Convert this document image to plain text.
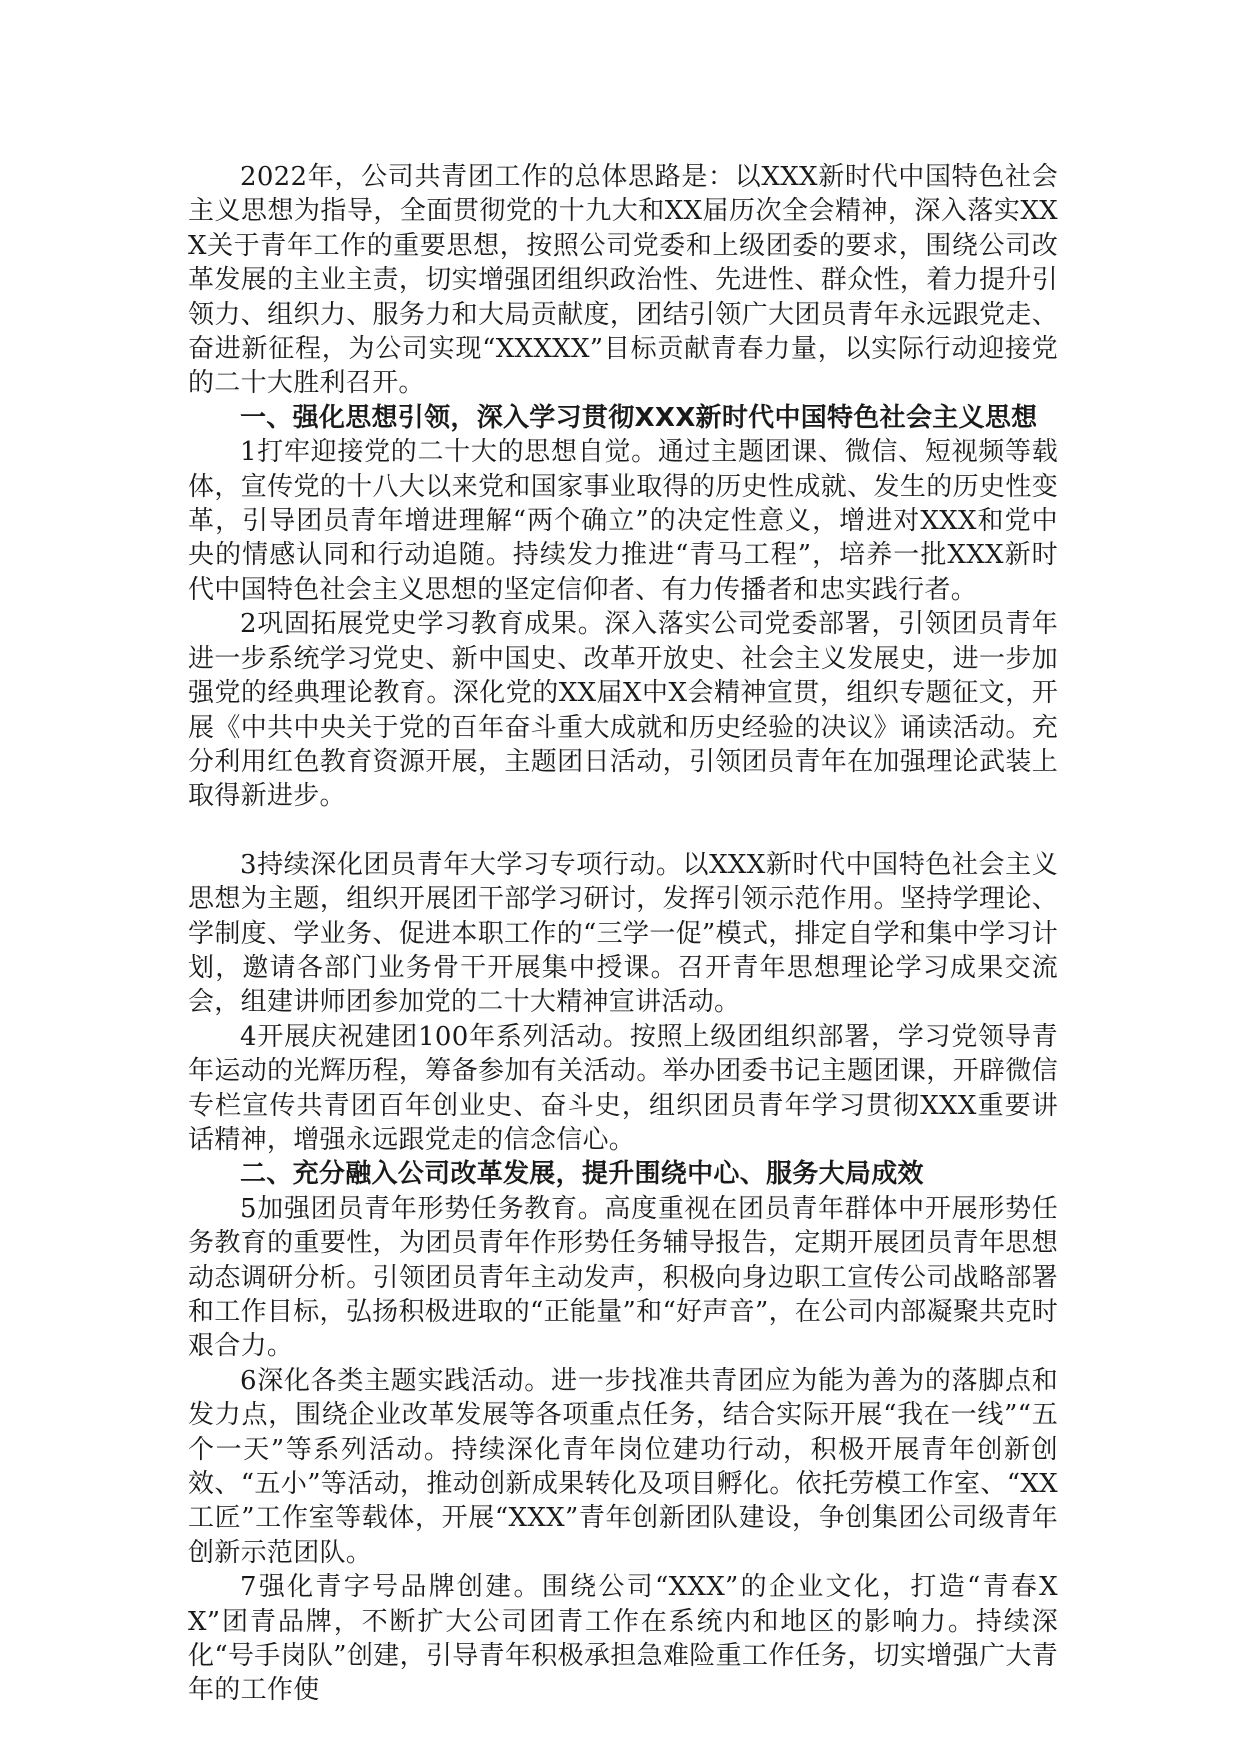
2022年，公司共青团工作的总体思路是：以XXX新时代中国特色社会主义思想为指导，全面贯彻党的十九大和XX届历次全会精神，深入落实XXX关于青年工作的重要思想，按照公司党委和上级团委的要求，围绕公司改革发展的主业主责，切实增强团组织政治性、先进性、群众性，着力提升引领力、组织力、服务力和大局贡献度，团结引领广大团员青年永远跟党走、奋进新征程，为公司实现“XXXXX”目标贡献青春力量，以实际行动迎接党的二十大胜利召开。

一、强化思想引领，深入学习贯彻XXX新时代中国特色社会主义思想

1打牢迎接党的二十大的思想自觉。通过主题团课、微信、短视频等载体，宣传党的十八大以来党和国家事业取得的历史性成就、发生的历史性变革，引导团员青年增进理解“两个确立”的决定性意义，增进对XXX和党中央的情感认同和行动追随。持续发力推进“青马工程”，培养一批XXX新时代中国特色社会主义思想的坚定信仰者、有力传播者和忠实践行者。

2巩固拓展党史学习教育成果。深入落实公司党委部署，引领团员青年进一步系统学习党史、新中国史、改革开放史、社会主义发展史，进一步加强党的经典理论教育。深化党的XX届X中X会精神宣贯，组织专题征文，开展《中共中央关于党的百年奋斗重大成就和历史经验的决议》诵读活动。充分利用红色教育资源开展，主题团日活动，引领团员青年在加强理论武装上取得新进步。

3持续深化团员青年大学习专项行动。以XXX新时代中国特色社会主义思想为主题，组织开展团干部学习研讨，发挥引领示范作用。坚持学理论、学制度、学业务、促进本职工作的“三学一促”模式，排定自学和集中学习计划，邀请各部门业务骨干开展集中授课。召开青年思想理论学习成果交流会，组建讲师团参加党的二十大精神宣讲活动。

4开展庆祝建团100年系列活动。按照上级团组织部署，学习党领导青年运动的光辉历程，筹备参加有关活动。举办团委书记主题团课，开辟微信专栏宣传共青团百年创业史、奋斗史，组织团员青年学习贯彻XXX重要讲话精神，增强永远跟党走的信念信心。

二、充分融入公司改革发展，提升围绕中心、服务大局成效

5加强团员青年形势任务教育。高度重视在团员青年群体中开展形势任务教育的重要性，为团员青年作形势任务辅导报告，定期开展团员青年思想动态调研分析。引领团员青年主动发声，积极向身边职工宣传公司战略部署和工作目标，弘扬积极进取的“正能量”和“好声音”，在公司内部凝聚共克时艰合力。

6深化各类主题实践活动。进一步找准共青团应为能为善为的落脚点和发力点，围绕企业改革发展等各项重点任务，结合实际开展“我在一线”“五个一天”等系列活动。持续深化青年岗位建功行动，积极开展青年创新创效、“五小”等活动，推动创新成果转化及项目孵化。依托劳模工作室、“XX工匠”工作室等载体，开展“XXX”青年创新团队建设，争创集团公司级青年创新示范团队。

7强化青字号品牌创建。围绕公司“XXX”的企业文化，打造“青春XX”团青品牌，不断扩大公司团青工作在系统内和地区的影响力。持续深化“号手岗队”创建，引导青年积极承担急难险重工作任务，切实增强广大青年的工作使
